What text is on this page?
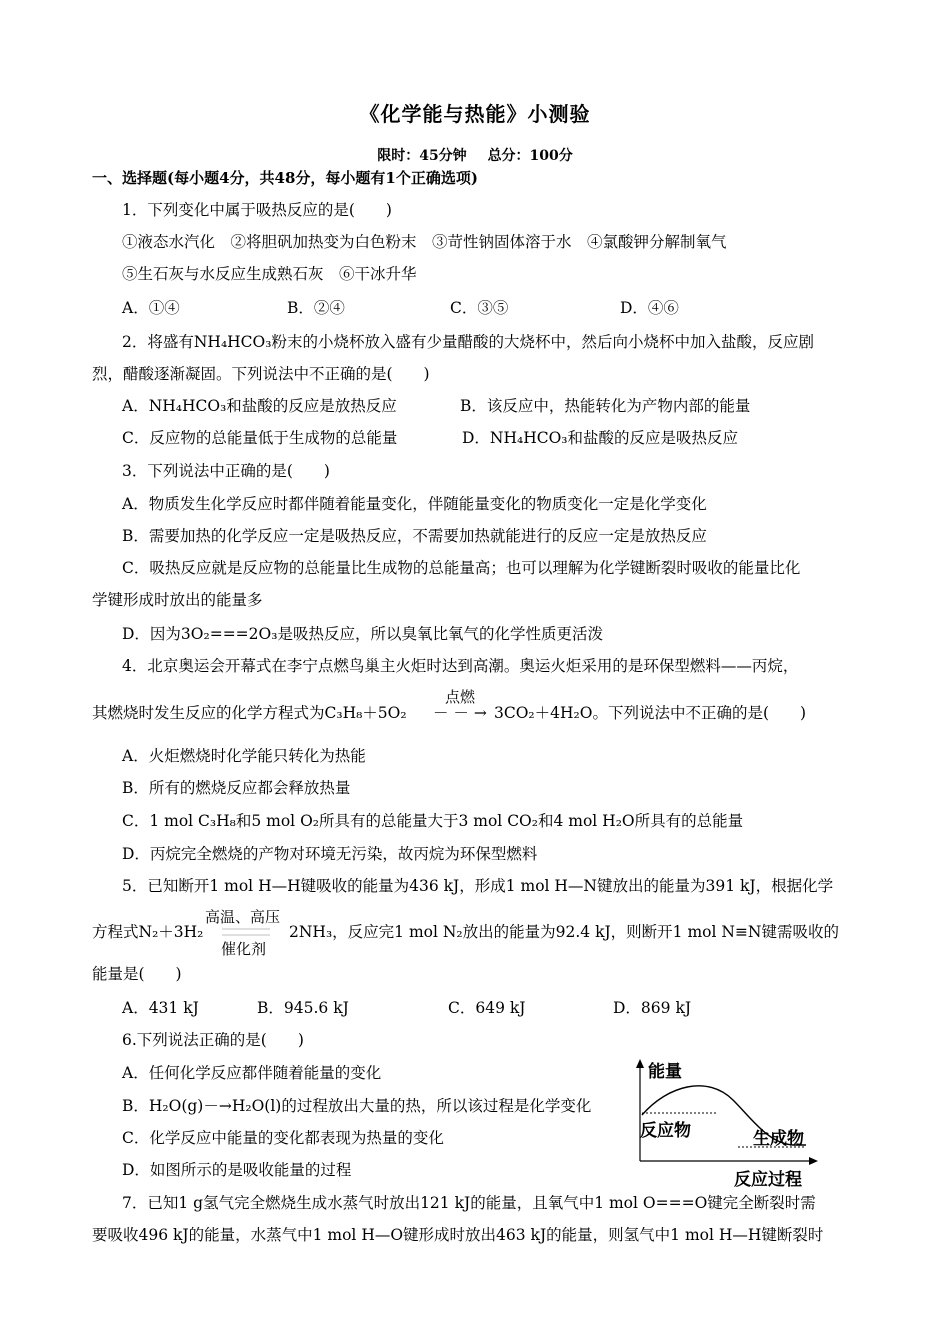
《化学能与热能》小测验
限时：45分钟 总分：100分
一、选择题(每小题4分，共48分，每小题有1个正确选项)
1．下列变化中属于吸热反应的是(　　)
①液态水汽化　②将胆矾加热变为白色粉末　③苛性钠固体溶于水　④氯酸钾分解制氧气
⑤生石灰与水反应生成熟石灰　⑥干冰升华
A．①④	B．②④	C．③⑤	D．④⑥
2．将盛有NH₄HCO₃粉末的小烧杯放入盛有少量醋酸的大烧杯中，然后向小烧杯中加入盐酸，反应剧
烈，醋酸逐渐凝固。下列说法中不正确的是(　　)
A．NH₄HCO₃和盐酸的反应是放热反应	B．该反应中，热能转化为产物内部的能量
C．反应物的总能量低于生成物的总能量	D．NH₄HCO₃和盐酸的反应是吸热反应
3．下列说法中正确的是(　　)
A．物质发生化学反应时都伴随着能量变化，伴随能量变化的物质变化一定是化学变化
B．需要加热的化学反应一定是吸热反应，不需要加热就能进行的反应一定是放热反应
C．吸热反应就是反应物的总能量比生成物的总能量高；也可以理解为化学键断裂时吸收的能量比化
学键形成时放出的能量多
D．因为3O₂===2O₃是吸热反应，所以臭氧比氧气的化学性质更活泼
4．北京奥运会开幕式在李宁点燃鸟巢主火炬时达到高潮。奥运火炬采用的是环保型燃料——丙烷，
点燃
其燃烧时发生反应的化学方程式为C₃H₈＋5O₂ － － → 3CO₂＋4H₂O。下列说法中不正确的是(　　)
A．火炬燃烧时化学能只转化为热能
B．所有的燃烧反应都会释放热量
C．1 mol C₃H₈和5 mol O₂所具有的总能量大于3 mol CO₂和4 mol H₂O所具有的总能量
D．丙烷完全燃烧的产物对环境无污染，故丙烷为环保型燃料
5．已知断开1 mol H—H键吸收的能量为436 kJ，形成1 mol H—N键放出的能量为391 kJ，根据化学
高温、高压
方程式N₂＋3H₂
催化剂
2NH₃，反应完1 mol N₂放出的能量为92.4 kJ，则断开1 mol N≡N键需吸收的
能量是(　　)
A．431 kJ	B．945.6 kJ	C．649 kJ	D．869 kJ
6.下列说法正确的是(　　)
A．任何化学反应都伴随着能量的变化
B．H₂O(g)－→H₂O(l)的过程放出大量的热，所以该过程是化学变化
C．化学反应中能量的变化都表现为热量的变化
D．如图所示的是吸收能量的过程
能量
反应物	生成物
反应过程
7．已知1 g氢气完全燃烧生成水蒸气时放出121 kJ的能量，且氧气中1 mol O===O键完全断裂时需
要吸收496 kJ的能量，水蒸气中1 mol H—O键形成时放出463 kJ的能量，则氢气中1 mol H—H键断裂时
